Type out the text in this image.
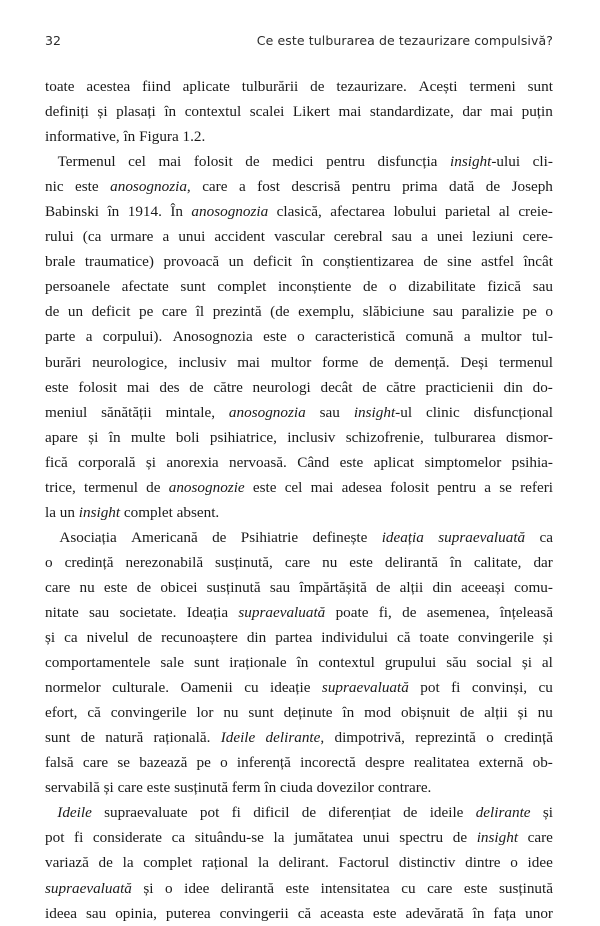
32	Ce este tulburarea de tezaurizare compulsivă?
toate acestea fiind aplicate tulburării de tezaurizare. Acești termeni sunt
definiți și plasați în contextul scalei Likert mai standardizate, dar mai puțin
informative, în Figura 1.2.
Termenul cel mai folosit de medici pentru disfuncția insight-ului cli-
nic este anosognozia, care a fost descrisă pentru prima dată de Joseph
Babinski în 1914. În anosognozia clasică, afectarea lobului parietal al creie-
rului (ca urmare a unui accident vascular cerebral sau a unei leziuni cere-
brale traumatice) provoacă un deficit în conștientizarea de sine astfel încât
persoanele afectate sunt complet inconștiente de o dizabilitate fizică sau
de un deficit pe care îl prezintă (de exemplu, slăbiciune sau paralizie pe o
parte a corpului). Anosognozia este o caracteristică comună a multor tul-
burări neurologice, inclusiv mai multor forme de demență. Deși termenul
este folosit mai des de către neurologi decât de către practicienii din do-
meniul sănătății mintale, anosognozia sau insight-ul clinic disfuncțional
apare și în multe boli psihiatrice, inclusiv schizofrenie, tulburarea dismor-
fică corporală și anorexia nervoasă. Când este aplicat simptomelor psihia-
trice, termenul de anosognozie este cel mai adesea folosit pentru a se referi
la un insight complet absent.
Asociația Americană de Psihiatrie definește ideația supraevaluată ca
o credință nerezonabilă susținută, care nu este delirantă în calitate, dar
care nu este de obicei susținută sau împărtășită de alții din aceeași comu-
nitate sau societate. Ideația supraevaluată poate fi, de asemenea, înțeleasă
și ca nivelul de recunoaștere din partea individului că toate convingerile și
comportamentele sale sunt iraționale în contextul grupului său social și al
normelor culturale. Oamenii cu ideație supraevaluată pot fi convinși, cu
efort, că convingerile lor nu sunt deținute în mod obișnuit de alții și nu
sunt de natură rațională. Ideile delirante, dimpotrivă, reprezintă o credință
falsă care se bazează pe o inferență incorectă despre realitatea externă ob-
servabilă și care este susținută ferm în ciuda dovezilor contrare.
Ideile supraevaluate pot fi dificil de diferențiat de ideile delirante și
pot fi considerate ca situându-se la jumătatea unui spectru de insight care
variază de la complet rațional la delirant. Factorul distinctiv dintre o idee
supraevaluată și o idee delirantă este intensitatea cu care este susținută
ideea sau opinia, puterea convingerii că aceasta este adevărată în fața unor
